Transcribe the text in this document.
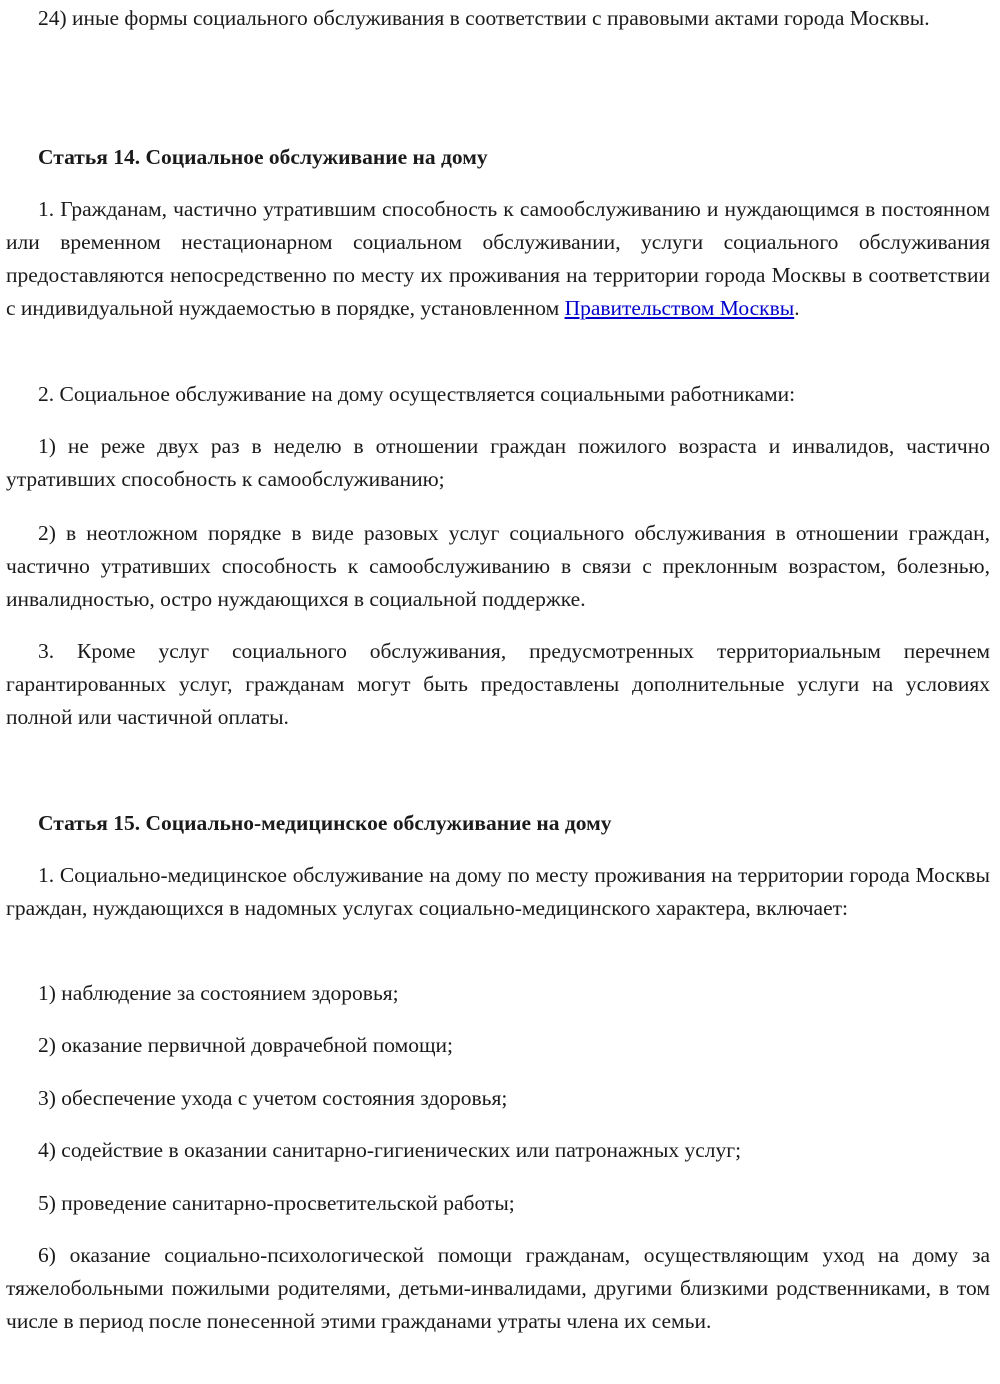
24) иные формы социального обслуживания в соответствии с правовыми актами города Москвы.

Статья 14. Социальное обслуживание на дому

1. Гражданам, частично утратившим способность к самообслуживанию и нуждающимся в постоянном или временном нестационарном социальном обслуживании, услуги социального обслуживания предоставляются непосредственно по месту их проживания на территории города Москвы в соответствии с индивидуальной нуждаемостью в порядке, установленном Правительством Москвы.

2. Социальное обслуживание на дому осуществляется социальными работниками:

1) не реже двух раз в неделю в отношении граждан пожилого возраста и инвалидов, частично утративших способность к самообслуживанию;

2) в неотложном порядке в виде разовых услуг социального обслуживания в отношении граждан, частично утративших способность к самообслуживанию в связи с преклонным возрастом, болезнью, инвалидностью, остро нуждающихся в социальной поддержке.

3. Кроме услуг социального обслуживания, предусмотренных территориальным перечнем гарантированных услуг, гражданам могут быть предоставлены дополнительные услуги на условиях полной или частичной оплаты.

Статья 15. Социально-медицинское обслуживание на дому

1. Социально-медицинское обслуживание на дому по месту проживания на территории города Москвы граждан, нуждающихся в надомных услугах социально-медицинского характера, включает:

1) наблюдение за состоянием здоровья;

2) оказание первичной доврачебной помощи;

3) обеспечение ухода с учетом состояния здоровья;

4) содействие в оказании санитарно-гигиенических или патронажных услуг;

5) проведение санитарно-просветительской работы;

6) оказание социально-психологической помощи гражданам, осуществляющим уход на дому за тяжелобольными пожилыми родителями, детьми-инвалидами, другими близкими родственниками, в том числе в период после понесенной этими гражданами утраты члена их семьи.
